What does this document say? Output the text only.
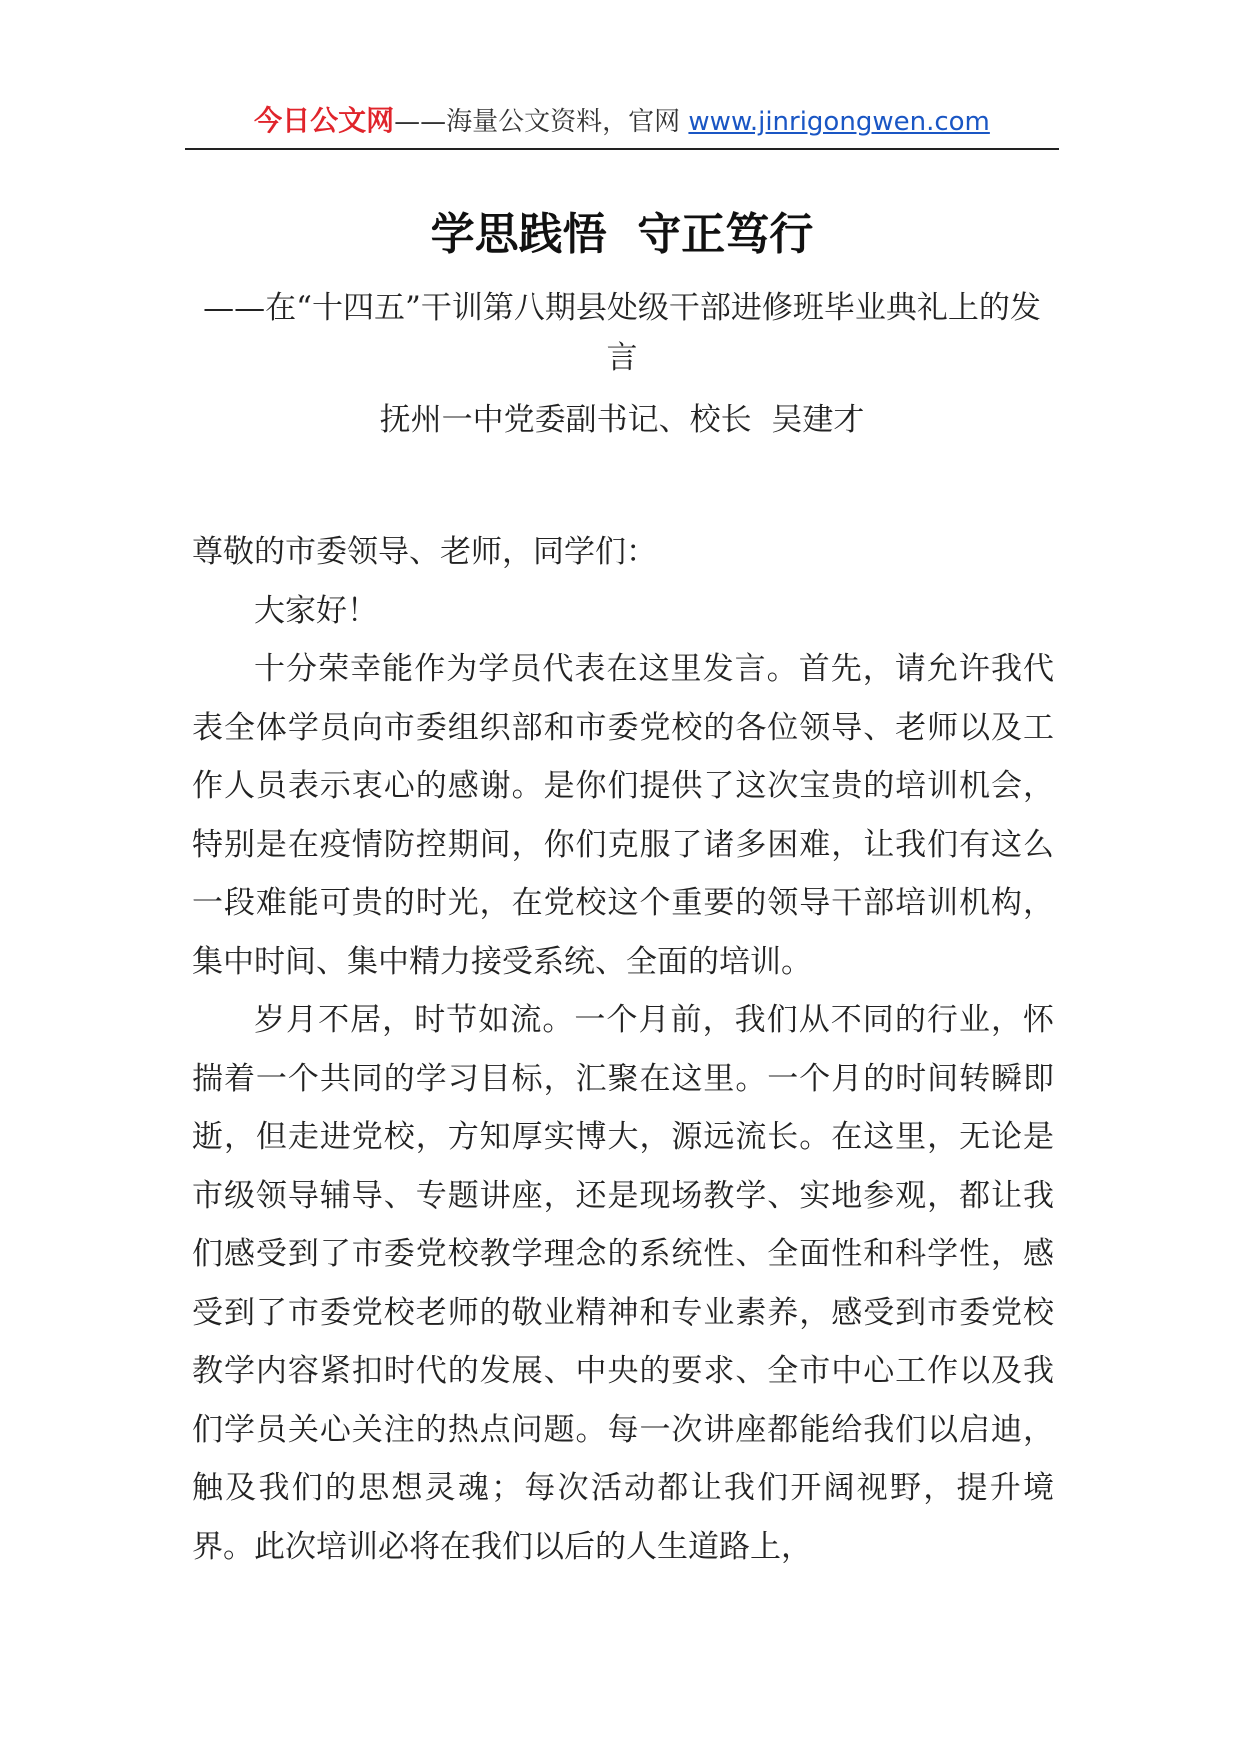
今日公文网——海量公文资料，官网 www.jinrigongwen.com
学思践悟  守正笃行
——在“十四五”干训第八期县处级干部进修班毕业典礼上的发言
抚州一中党委副书记、校长  吴建才

尊敬的市委领导、老师，同学们：

大家好！

十分荣幸能作为学员代表在这里发言。首先，请允许我代表全体学员向市委组织部和市委党校的各位领导、老师以及工作人员表示衷心的感谢。是你们提供了这次宝贵的培训机会，特别是在疫情防控期间，你们克服了诸多困难，让我们有这么一段难能可贵的时光，在党校这个重要的领导干部培训机构，集中时间、集中精力接受系统、全面的培训。

岁月不居，时节如流。一个月前，我们从不同的行业，怀揣着一个共同的学习目标，汇聚在这里。一个月的时间转瞬即逝，但走进党校，方知厚实博大，源远流长。在这里，无论是市级领导辅导、专题讲座，还是现场教学、实地参观，都让我们感受到了市委党校教学理念的系统性、全面性和科学性，感受到了市委党校老师的敬业精神和专业素养，感受到市委党校教学内容紧扣时代的发展、中央的要求、全市中心工作以及我们学员关心关注的热点问题。每一次讲座都能给我们以启迪，触及我们的思想灵魂；每次活动都让我们开阔视野，提升境界。此次培训必将在我们以后的人生道路上，
